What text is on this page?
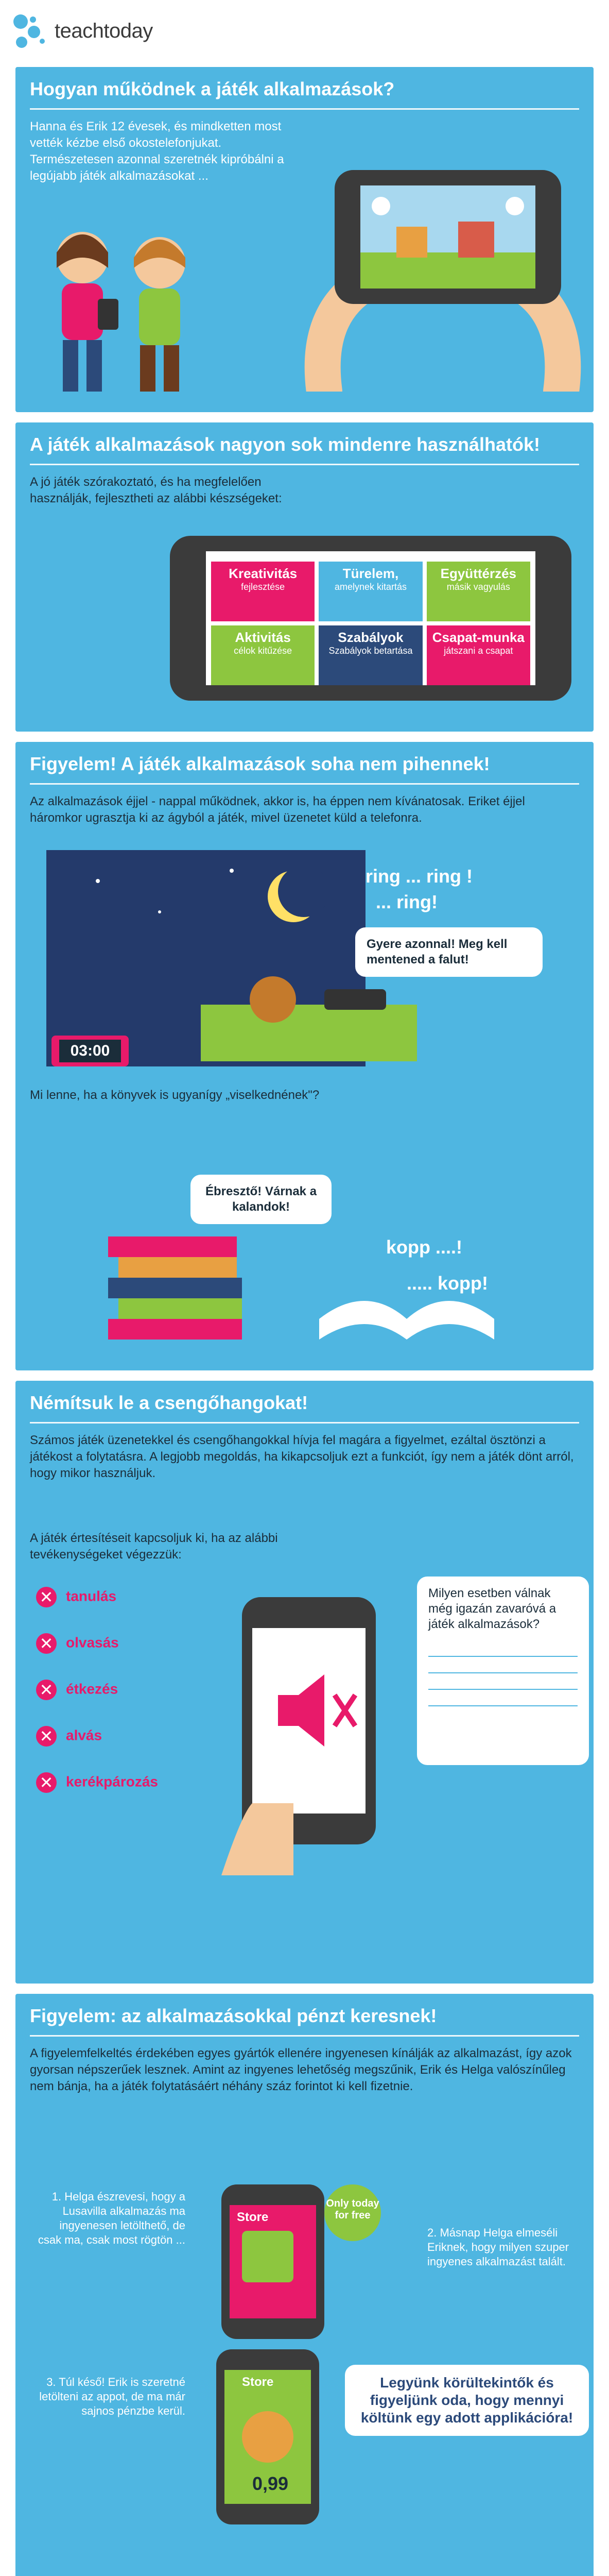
teachtoday
Hogyan működnek a játék alkalmazások?
Hanna és Erik 12 évesek, és mindketten most vették kézbe első okostelefonjukat. Természetesen azonnal szeretnék kipróbálni a legújabb játék alkalmazásokat ...
A játék alkalmazások nagyon sok mindenre használhatók!
A jó játék szórakoztató, és ha megfelelően használják, fejlesztheti az alábbi készségeket:
Kreativitás
fejlesztése
Türelem,
amelynek kitartás
Együttérzés
másik vagyulás
Aktivitás
célok kitűzése
Szabályok
Szabályok betartása
Csapat-munka
játszani a csapat
Figyelem! A játék alkalmazások soha nem pihennek!
Az alkalmazások éjjel - nappal működnek, akkor is, ha éppen nem kívánatosak. Eriket éjjel háromkor ugrasztja ki az ágyból a játék, mivel üzenetet küld a telefonra.
ring ... ring !
... ring!
Gyere azonnal! Meg kell mentened a falut!
03:00
Mi lenne, ha a könyvek is ugyanígy „viselkednének"?
Ébresztő! Várnak a kalandok!
kopp ....!
..... kopp!
Némítsuk le a csengőhangokat!
Számos játék üzenetekkel és csengőhangokkal hívja fel magára a figyelmet, ezáltal ösztönzi a játékost a folytatásra. A legjobb megoldás, ha kikapcsoljuk ezt a funkciót, így nem a játék dönt arról, hogy mikor használjuk.
A játék értesítéseit kapcsoljuk ki, ha az alábbi tevékenységeket végezzük:
✕ tanulás
✕ olvasás
✕ étkezés
✕ alvás
✕ kerékpározás
Milyen esetben válnak még igazán zavaróvá a játék alkalmazások?
Figyelem: az alkalmazásokkal pénzt keresnek!
A figyelemfelkeltés érdekében egyes gyártók ellenére ingyenesen kínálják az alkalmazást, így azok gyorsan népszerűek lesznek. Amint az ingyenes lehetőség megszűnik, Erik és Helga valószínűleg nem bánja, ha a játék folytatásáért néhány száz forintot ki kell fizetnie.
1. Helga észrevesi, hogy a Lusavilla alkalmazás ma ingyenesen letölthető, de csak ma, csak most rögtön ...
Store
Only today for free
2. Másnap Helga elmeséli Eriknek, hogy milyen szuper ingyenes alkalmazást talált.
3. Túl késő! Erik is szeretné letölteni az appot, de ma már sajnos pénzbe kerül.
Store
0,99
Legyünk körültekintők és figyeljünk oda, hogy mennyi költünk egy adott applikációra!
